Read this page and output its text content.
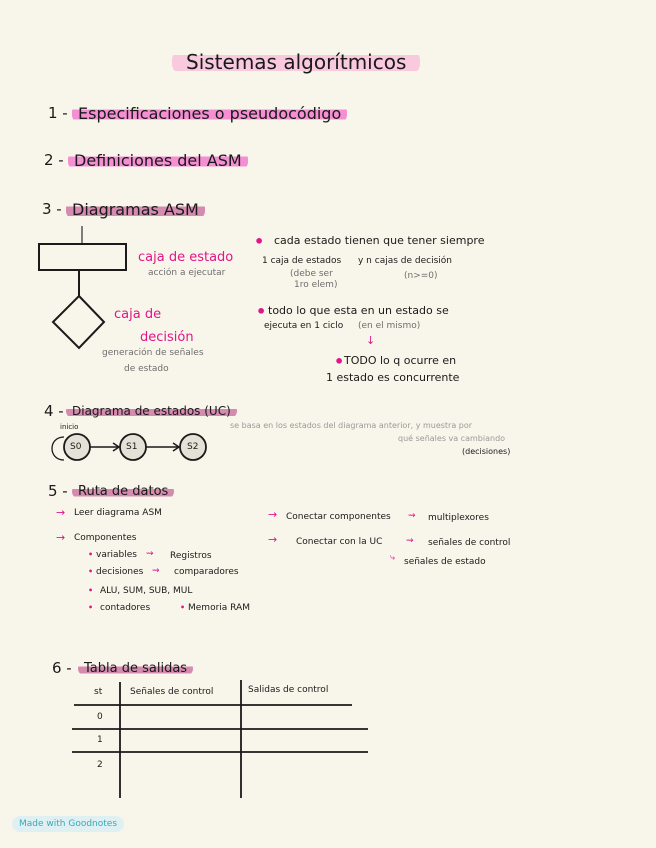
Sistemas algorítmicos
1 - Especificaciones o pseudocódigo
2 - Definiciones del ASM
3 - Diagramas ASM
caja de estado
acción a ejecutar
caja de
decisión
generación de señales
de estado
• cada estado tienen que tener siempre
1 caja de estados y n cajas de decisión
(debe ser
1ro elem)
(n>=0)
• todo lo que esta en un estado se
ejecuta en 1 ciclo (en el mismo)
↓
• TODO lo q ocurre en
1 estado es concurrente
4 - Diagrama de estados (UC)
inicio
S0	S1	S2
se basa en los estados del diagrama anterior, y muestra por
qué señales va cambiando
(decisiones)
5 - Ruta de datos
→ Leer diagrama ASM
→ Componentes
• variables ⇝ Registros
• decisiones ⇝ comparadores
• ALU, SUM, SUB, MUL
• contadores	• Memoria RAM
→ Conectar componentes ⇝ multiplexores
→ Conectar con la UC	⇝ señales de control
⤷ señales de estado
6 - Tabla de salidas
st	Señales de control	Salidas de control
0
1
2
Made with Goodnotes
